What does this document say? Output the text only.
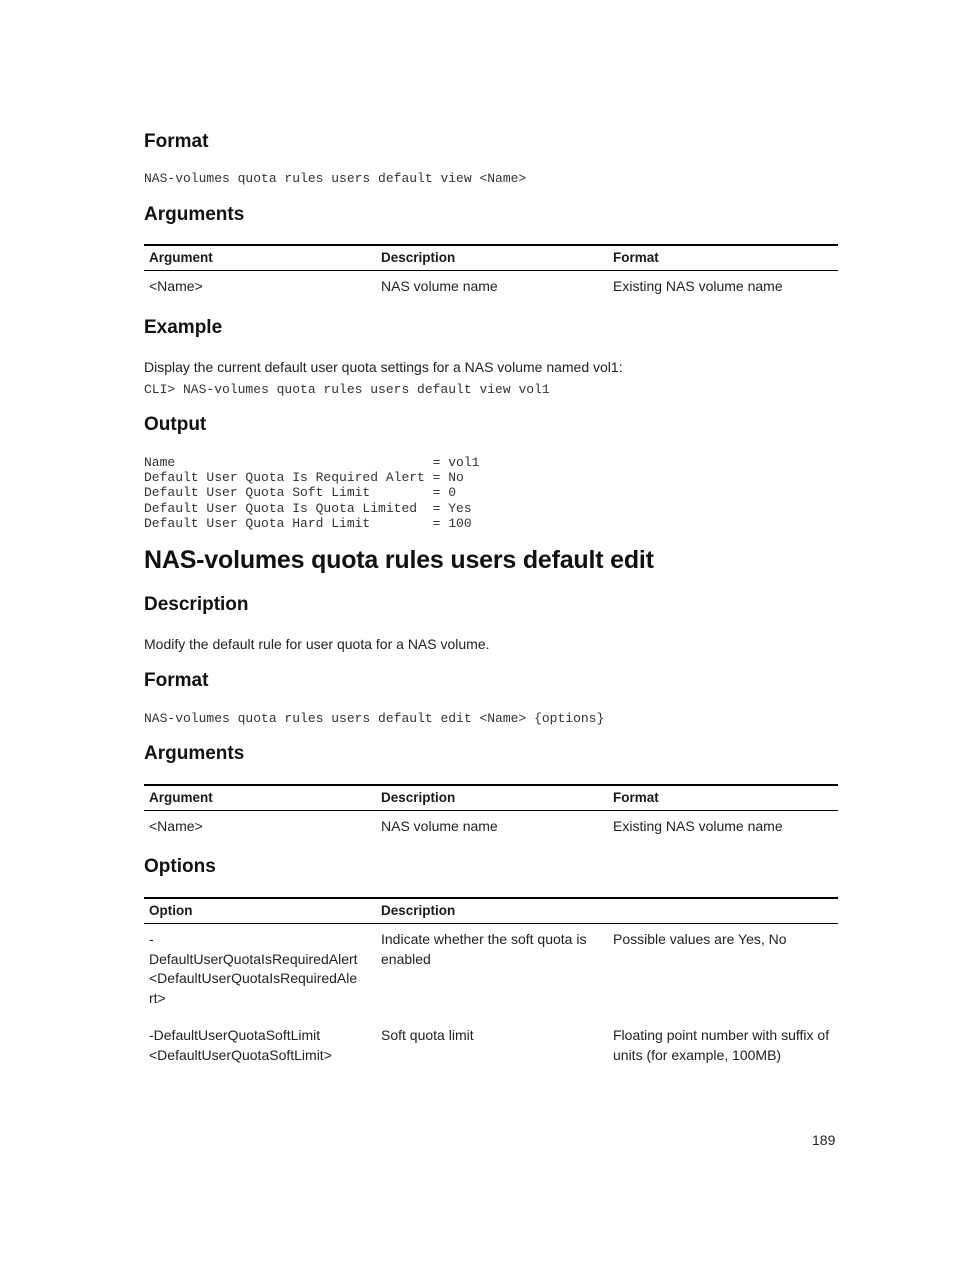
Format

NAS-volumes quota rules users default view <Name>

Arguments
Argument	Description	Format
<Name>	NAS volume name	Existing NAS volume name
Example

Display the current default user quota settings for a NAS volume named vol1:

CLI> NAS-volumes quota rules users default view vol1

Output
Name                                 = vol1
Default User Quota Is Required Alert = No
Default User Quota Soft Limit        = 0
Default User Quota Is Quota Limited  = Yes
Default User Quota Hard Limit        = 100
NAS-volumes quota rules users default edit
Description

Modify the default rule for user quota for a NAS volume.

Format

NAS-volumes quota rules users default edit <Name> {options}

Arguments
Argument	Description	Format
<Name>	NAS volume name	Existing NAS volume name
Options
Option	Description	
-
DefaultUserQuotaIsRequiredAlert
<DefaultUserQuotaIsRequiredAle
rt>	Indicate whether the soft quota is enabled	Possible values are Yes, No
-DefaultUserQuotaSoftLimit
<DefaultUserQuotaSoftLimit>	Soft quota limit	Floating point number with suffix of units (for example, 100MB)
189
